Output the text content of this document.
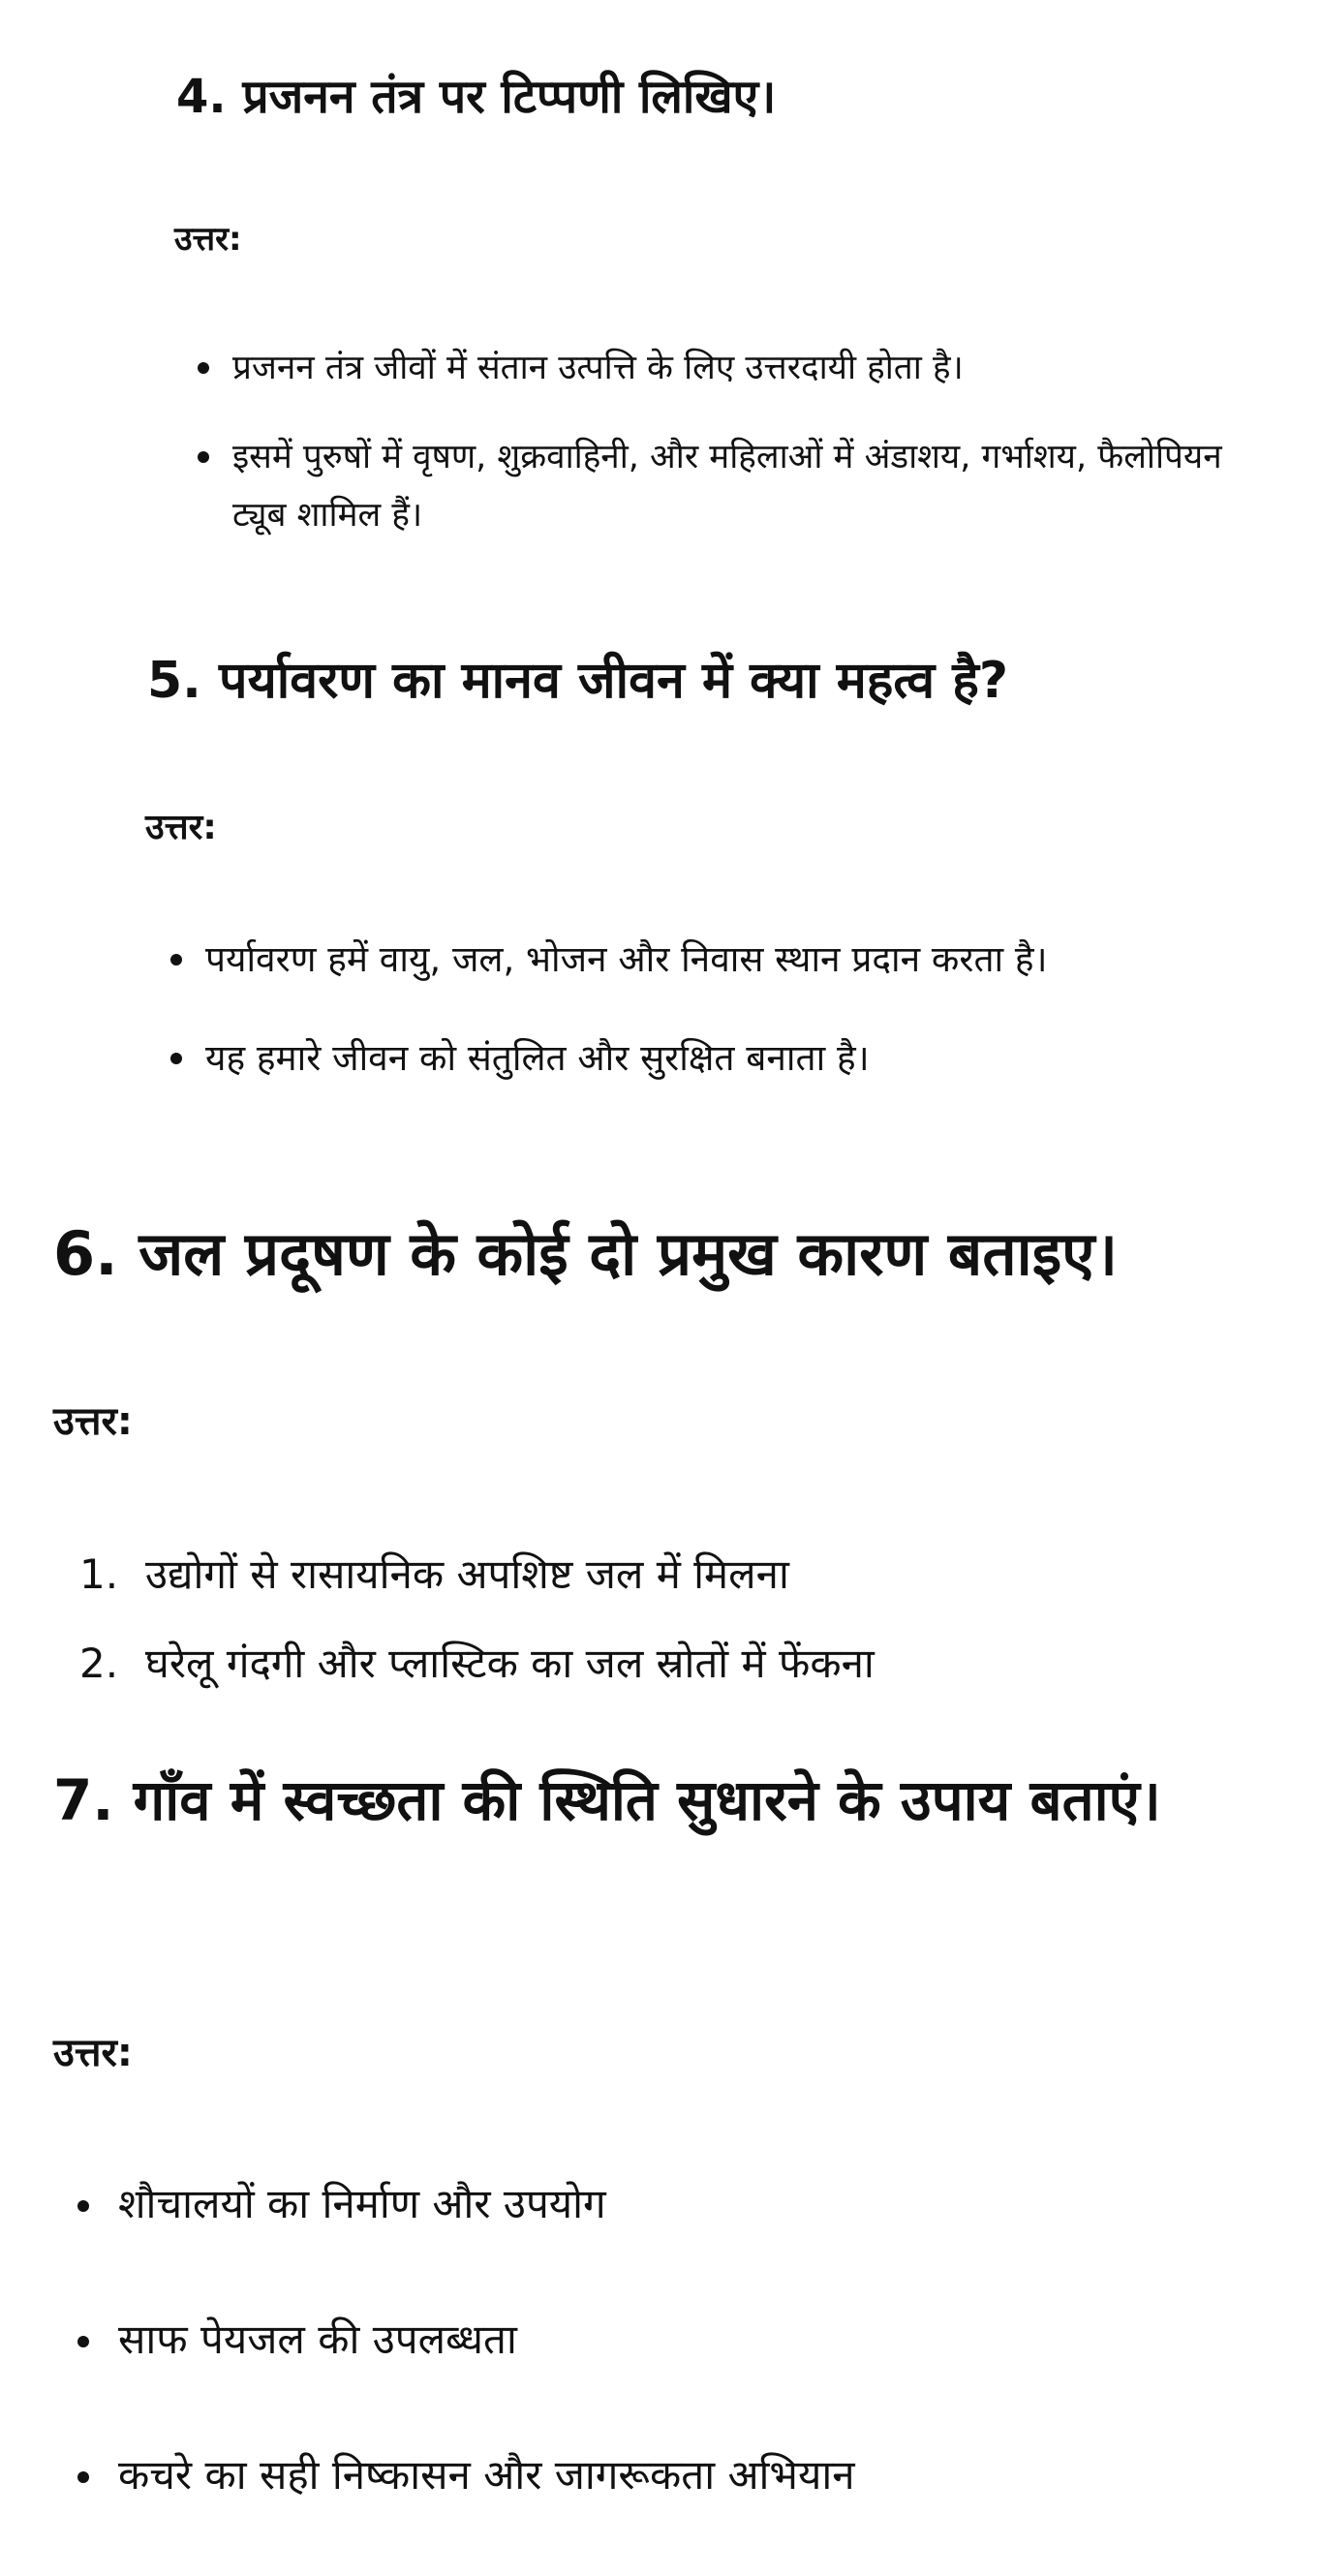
4. प्रजनन तंत्र पर टिप्पणी लिखिए।

उत्तर:

प्रजनन तंत्र जीवों में संतान उत्पत्ति के लिए उत्तरदायी होता है।
इसमें पुरुषों में वृषण, शुक्रवाहिनी, और महिलाओं में अंडाशय, गर्भाशय, फैलोपियन ट्यूब शामिल हैं।
5. पर्यावरण का मानव जीवन में क्या महत्व है?

उत्तर:

पर्यावरण हमें वायु, जल, भोजन और निवास स्थान प्रदान करता है।
यह हमारे जीवन को संतुलित और सुरक्षित बनाता है।
6. जल प्रदूषण के कोई दो प्रमुख कारण बताइए।

उत्तर:

1. उद्योगों से रासायनिक अपशिष्ट जल में मिलना
2. घरेलू गंदगी और प्लास्टिक का जल स्रोतों में फेंकना
7. गाँव में स्वच्छता की स्थिति सुधारने के उपाय बताएं।

उत्तर:

शौचालयों का निर्माण और उपयोग
साफ पेयजल की उपलब्धता
कचरे का सही निष्कासन और जागरूकता अभियान
